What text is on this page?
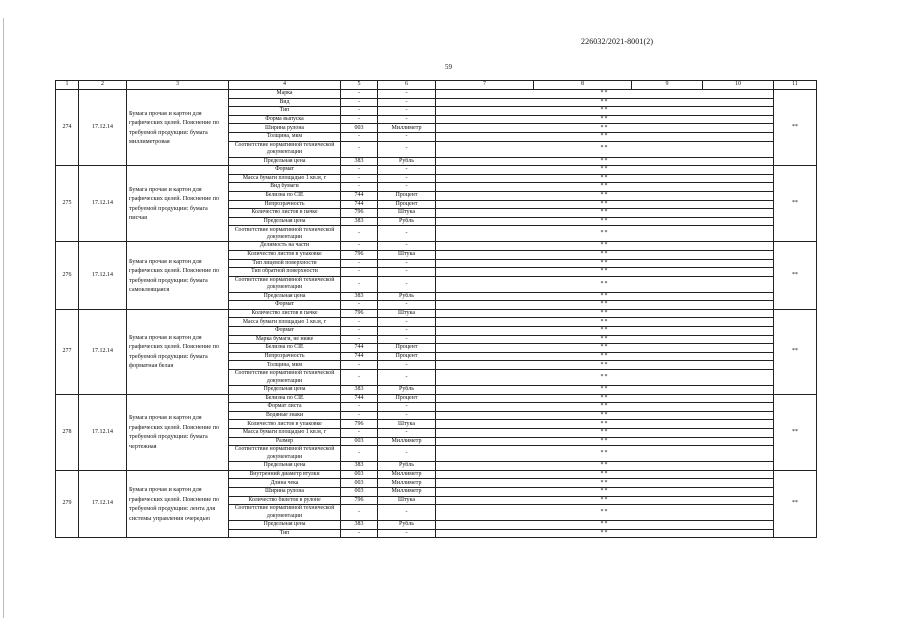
226032/2021-8001(2)
59
1	2	3	4	5	6	7	8	9	10	11
274	17.12.14	Бумага прочая и картон для графических целей. Пояснение по требуемой продукции: бумага миллиметровая	Марка	-	-	**				**
			Вид	-	-	**				
			Тип	-	-	**				
			Форма выпуска	-	-	**				
			Ширина рулона	003	Миллиметр	**				
			Толщина, мкм	-	-	**				
			Соответствие нормативной технической документации	-	-	**				
			Предельная цена	383	Рубль	**				
275	17.12.14	Бумага прочая и картон для графических целей. Пояснение по требуемой продукции: бумага писчая	Формат	-	-	**				**
			Масса бумаги площадью 1 кв.м, г	-	-	**				
			Вид бумаги	-	-	**				
			Белизна по CIE	744	Процент	**				
			Непрозрачность	744	Процент	**				
			Количество листов в пачке	796	Штука	**				
			Предельная цена	383	Рубль	**				
			Соответствие нормативной технической документации	-	-	**				
276	17.12.14	Бумага прочая и картон для графических целей. Пояснение по требуемой продукции: бумага самоклеящаяся	Делимость на части	-	-	**				**
			Количество листов в упаковке	796	Штука	**				
			Тип лицевой поверхности	-	-	**				
			Тип обратной поверхности	-	-	**				
			Соответствие нормативной технической документации	-	-	**				
			Предельная цена	383	Рубль	**				
			Формат	-	-	**				
277	17.12.14	Бумага прочая и картон для графических целей. Пояснение по требуемой продукции: бумага форматная белая	Количество листов в пачке	796	Штука	**				**
			Масса бумаги площадью 1 кв.м, г	-	-	**				
			Формат	-	-	**				
			Марка бумаги, не ниже	-	-	**				
			Белизна по CIE	744	Процент	**				
			Непрозрачность	744	Процент	**				
			Толщина, мкм	-	-	**				
			Соответствие нормативной технической документации	-	-	**				
			Предельная цена	383	Рубль	**				
278	17.12.14	Бумага прочая и картон для графических целей. Пояснение по требуемой продукции: бумага чертежная	Белизна по CIE	744	Процент	**				**
			Формат листа	-	-	**				
			Водяные знаки	-	-	**				
			Количество листов в упаковке	796	Штука	**				
			Масса бумаги площадью 1 кв.м, г	-	-	**				
			Размер	003	Миллиметр	**				
			Соответствие нормативной технической документации	-	-	**				
			Предельная цена	383	Рубль	**				
279	17.12.14	Бумага прочая и картон для графических целей. Пояснение по требуемой продукции: лента для системы управления очередью	Внутренний диаметр втулки	003	Миллиметр	**				**
			Длина чека	003	Миллиметр	**				
			Ширина рулона	003	Миллиметр	**				
			Количество билетов в рулоне	796	Штука	**				
			Соответствие нормативной технической документации	-	-	**				
			Предельная цена	383	Рубль	**				
			Тип	-	-	**				
